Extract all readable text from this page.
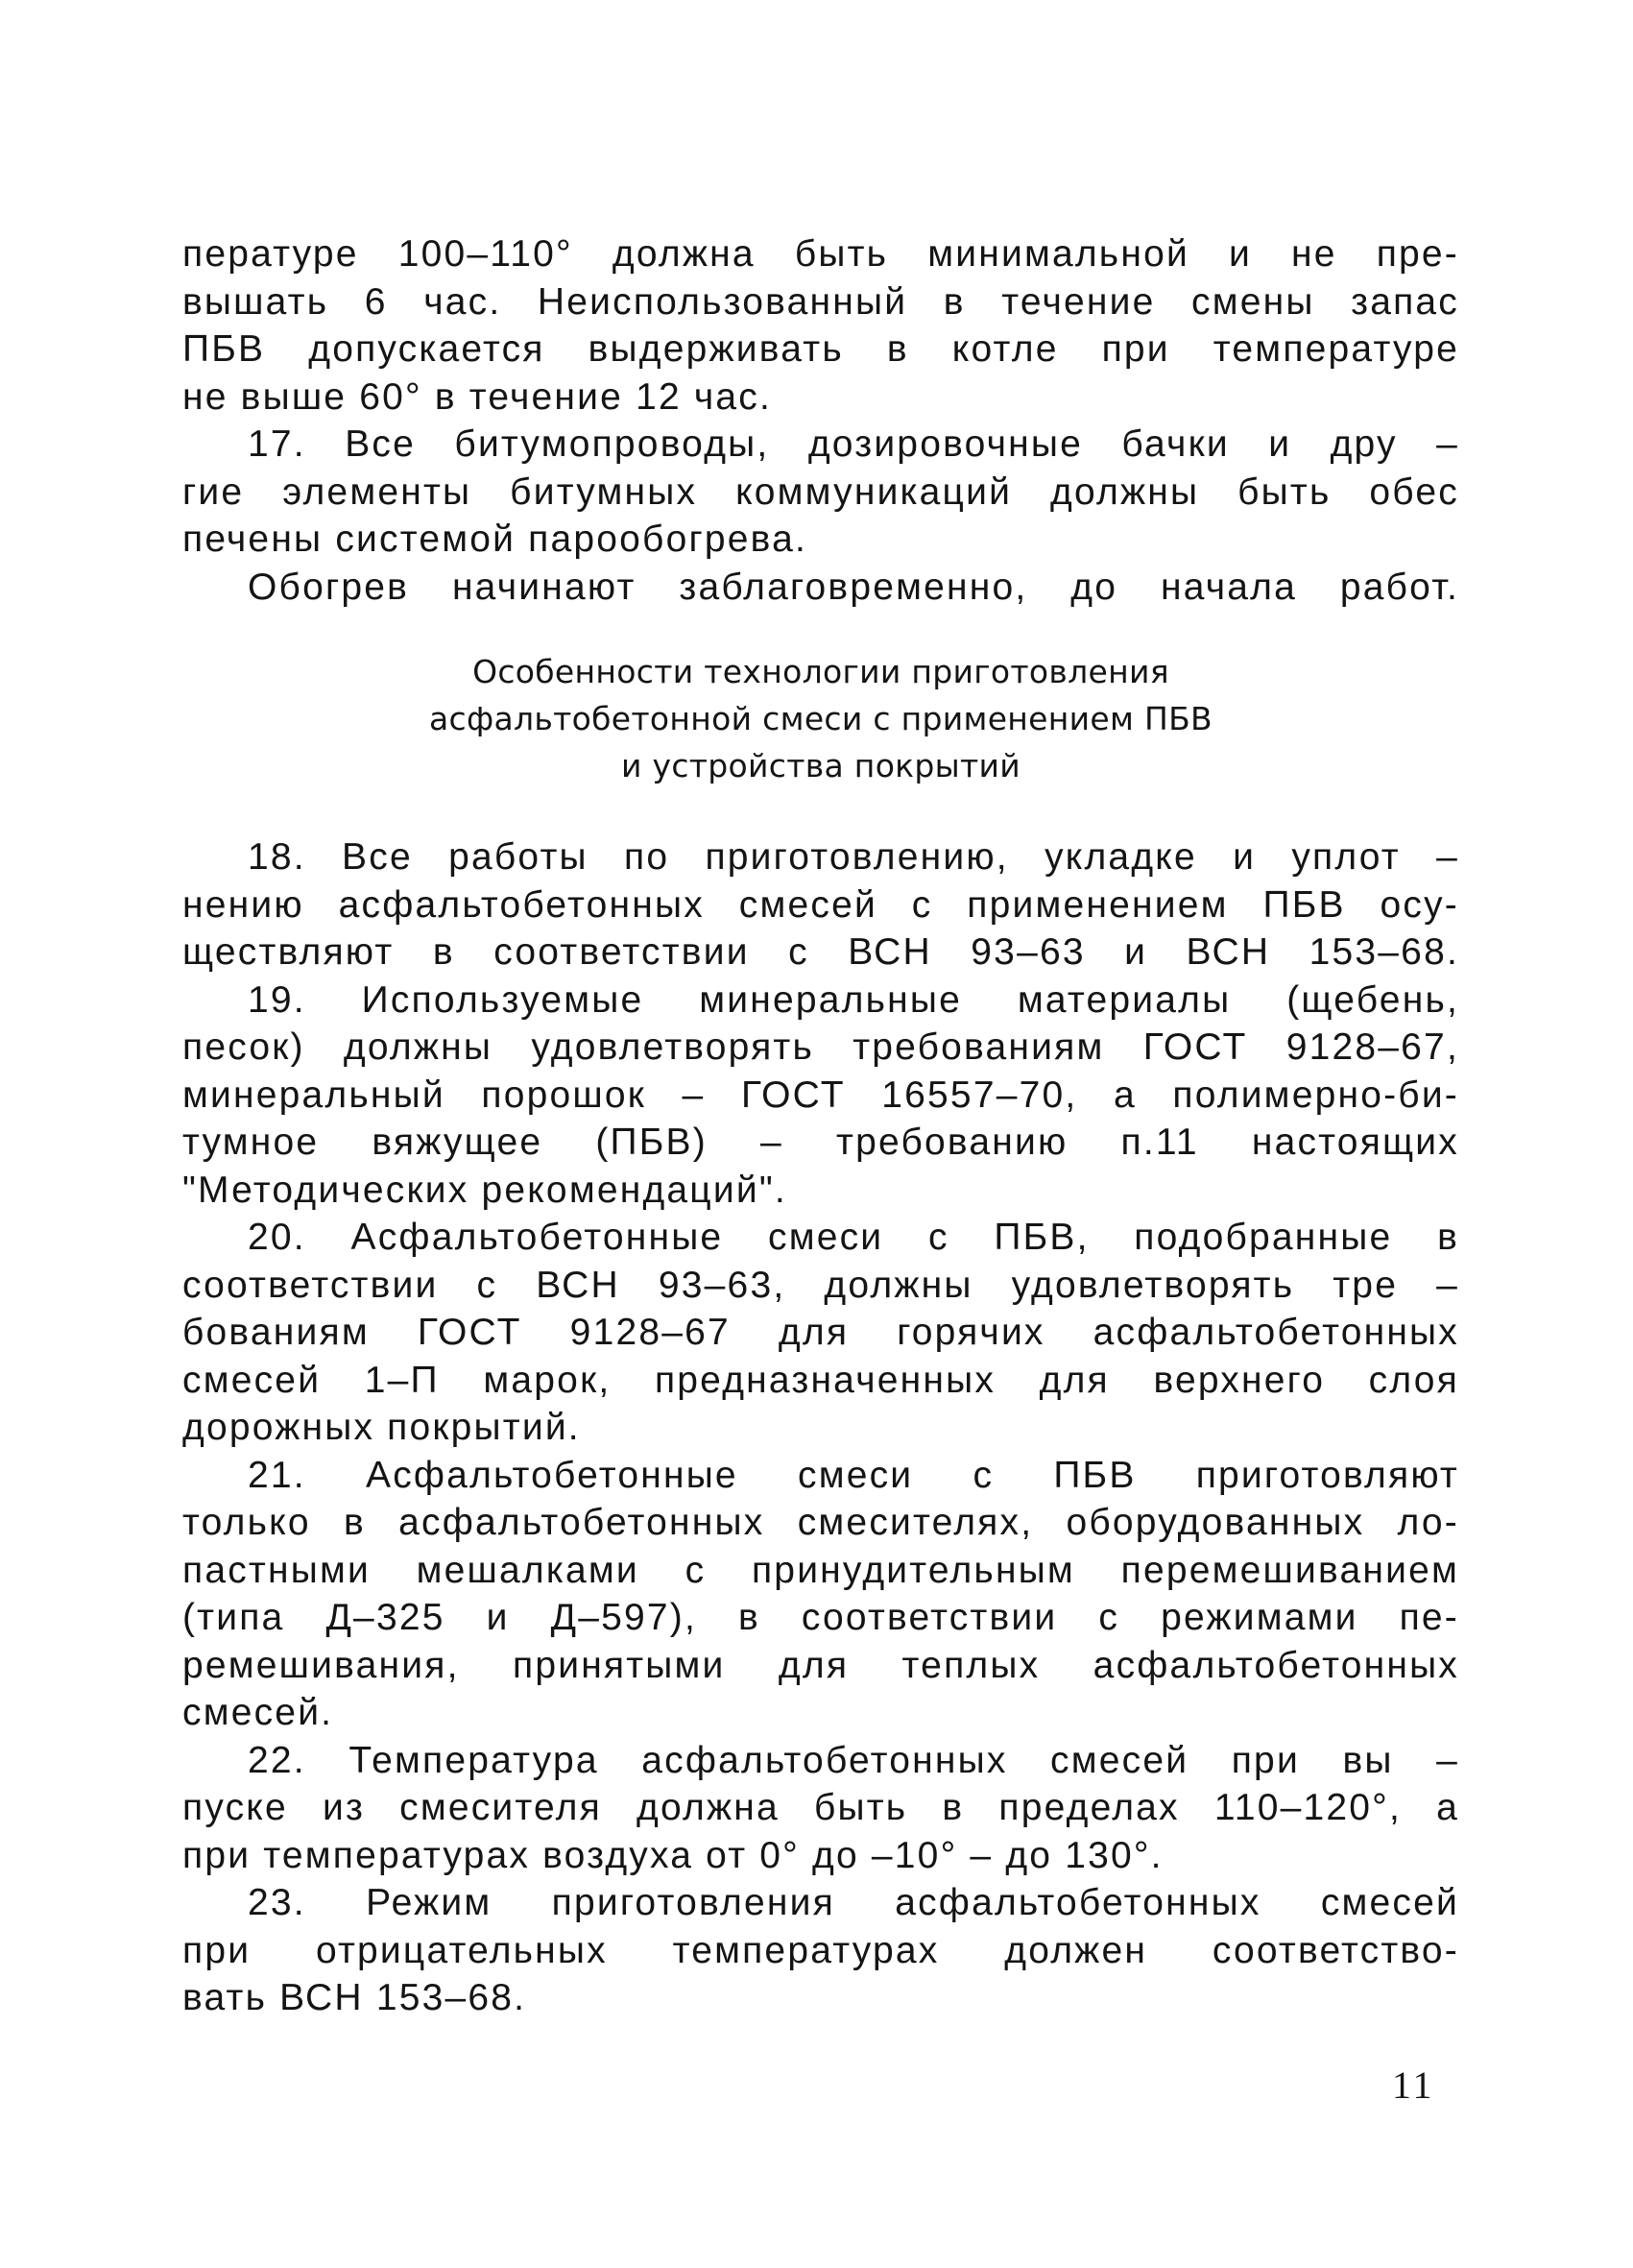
пературе 100–110° должна быть минимальной и не пре-

вышать 6 час. Неиспользованный в течение смены запас

ПБВ допускается выдерживать в котле при температуре

не выше 60° в течение 12 час.

17. Все битумопроводы, дозировочные бачки и дру –

гие элементы битумных коммуникаций должны быть обес

печены системой парообогрева.

Обогрев начинают заблаговременно, до начала работ.

Особенности технологии приготовления
асфальтобетонной смеси с применением ПБВ
и устройства покрытий

18. Все работы по приготовлению, укладке и уплот –

нению асфальтобетонных смесей с применением ПБВ осу-

ществляют в соответствии с ВСН 93–63 и ВСН 153–68.

19. Используемые минеральные материалы (щебень,

песок) должны удовлетворять требованиям ГОСТ 9128–67,

минеральный порошок – ГОСТ 16557–70, а полимерно-би-

тумное вяжущее (ПБВ) – требованию п.11 настоящих

"Методических рекомендаций".

20. Асфальтобетонные смеси с ПБВ, подобранные в

соответствии с ВСН 93–63, должны удовлетворять тре –

бованиям ГОСТ 9128–67 для горячих асфальтобетонных

смесей 1–П марок, предназначенных для верхнего слоя

дорожных покрытий.

21. Асфальтобетонные смеси с ПБВ приготовляют

только в асфальтобетонных смесителях, оборудованных ло-

пастными мешалками с принудительным перемешиванием

(типа Д–325 и Д–597), в соответствии с режимами пе-

ремешивания, принятыми для теплых асфальтобетонных

смесей.

22. Температура асфальтобетонных смесей при вы –

пуске из смесителя должна быть в пределах 110–120°, а

при температурах воздуха от 0° до –10° – до 130°.

23. Режим приготовления асфальтобетонных смесей

при отрицательных температурах должен соответство-

вать ВСН 153–68.

11
